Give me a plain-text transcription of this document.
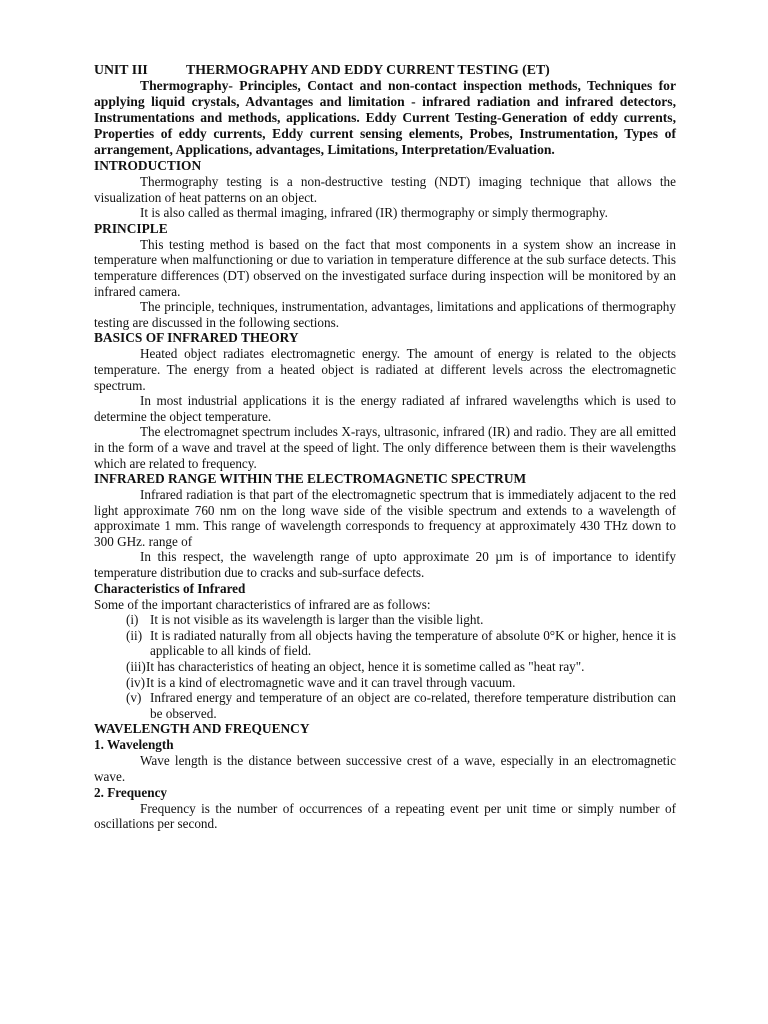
UNIT III	THERMOGRAPHY AND EDDY CURRENT TESTING (ET)

Thermography- Principles, Contact and non-contact inspection methods, Techniques for applying liquid crystals, Advantages and limitation - infrared radiation and infrared detectors, Instrumentations and methods, applications. Eddy Current Testing-Generation of eddy currents, Properties of eddy currents, Eddy current sensing elements, Probes, Instrumentation, Types of arrangement, Applications, advantages, Limitations, Interpretation/Evaluation.

INTRODUCTION

Thermography testing is a non-destructive testing (NDT) imaging technique that allows the visualization of heat patterns on an object.

It is also called as thermal imaging, infrared (IR) thermography or simply thermography.

PRINCIPLE

This testing method is based on the fact that most components in a system show an increase in temperature when malfunctioning or due to variation in temperature difference at the sub surface detects. This temperature differences (DT) observed on the investigated surface during inspection will be monitored by an infrared camera.

The principle, techniques, instrumentation, advantages, limitations and applications of thermography testing are discussed in the following sections.

BASICS OF INFRARED THEORY

Heated object radiates electromagnetic energy. The amount of energy is related to the objects temperature. The energy from a heated object is radiated at different levels across the electromagnetic spectrum.

In most industrial applications it is the energy radiated af infrared wavelengths which is used to determine the object temperature.

The electromagnet spectrum includes X-rays, ultrasonic, infrared (IR) and radio. They are all emitted in the form of a wave and travel at the speed of light. The only difference between them is their wavelengths which are related to frequency.

INFRARED RANGE WITHIN THE ELECTROMAGNETIC SPECTRUM

Infrared radiation is that part of the electromagnetic spectrum that is immediately adjacent to the red light approximate 760 nm on the long wave side of the visible spectrum and extends to a wavelength of approximate 1 mm. This range of wavelength corresponds to frequency at approximately 430 THz down to 300 GHz. range of

In this respect, the wavelength range of upto approximate 20 µm is of importance to identify temperature distribution due to cracks and sub-surface defects.

Characteristics of Infrared

Some of the important characteristics of infrared are as follows:

(i) It is not visible as its wavelength is larger than the visible light.
(ii) It is radiated naturally from all objects having the temperature of absolute 0°K or higher, hence it is applicable to all kinds of field.
(iii) It has characteristics of heating an object, hence it is sometime called as "heat ray".
(iv) It is a kind of electromagnetic wave and it can travel through vacuum.
(v) Infrared energy and temperature of an object are co-related, therefore temperature distribution can be observed.
WAVELENGTH AND FREQUENCY

1. Wavelength

Wave length is the distance between successive crest of a wave, especially in an electromagnetic wave.

2. Frequency

Frequency is the number of occurrences of a repeating event per unit time or simply number of oscillations per second.
